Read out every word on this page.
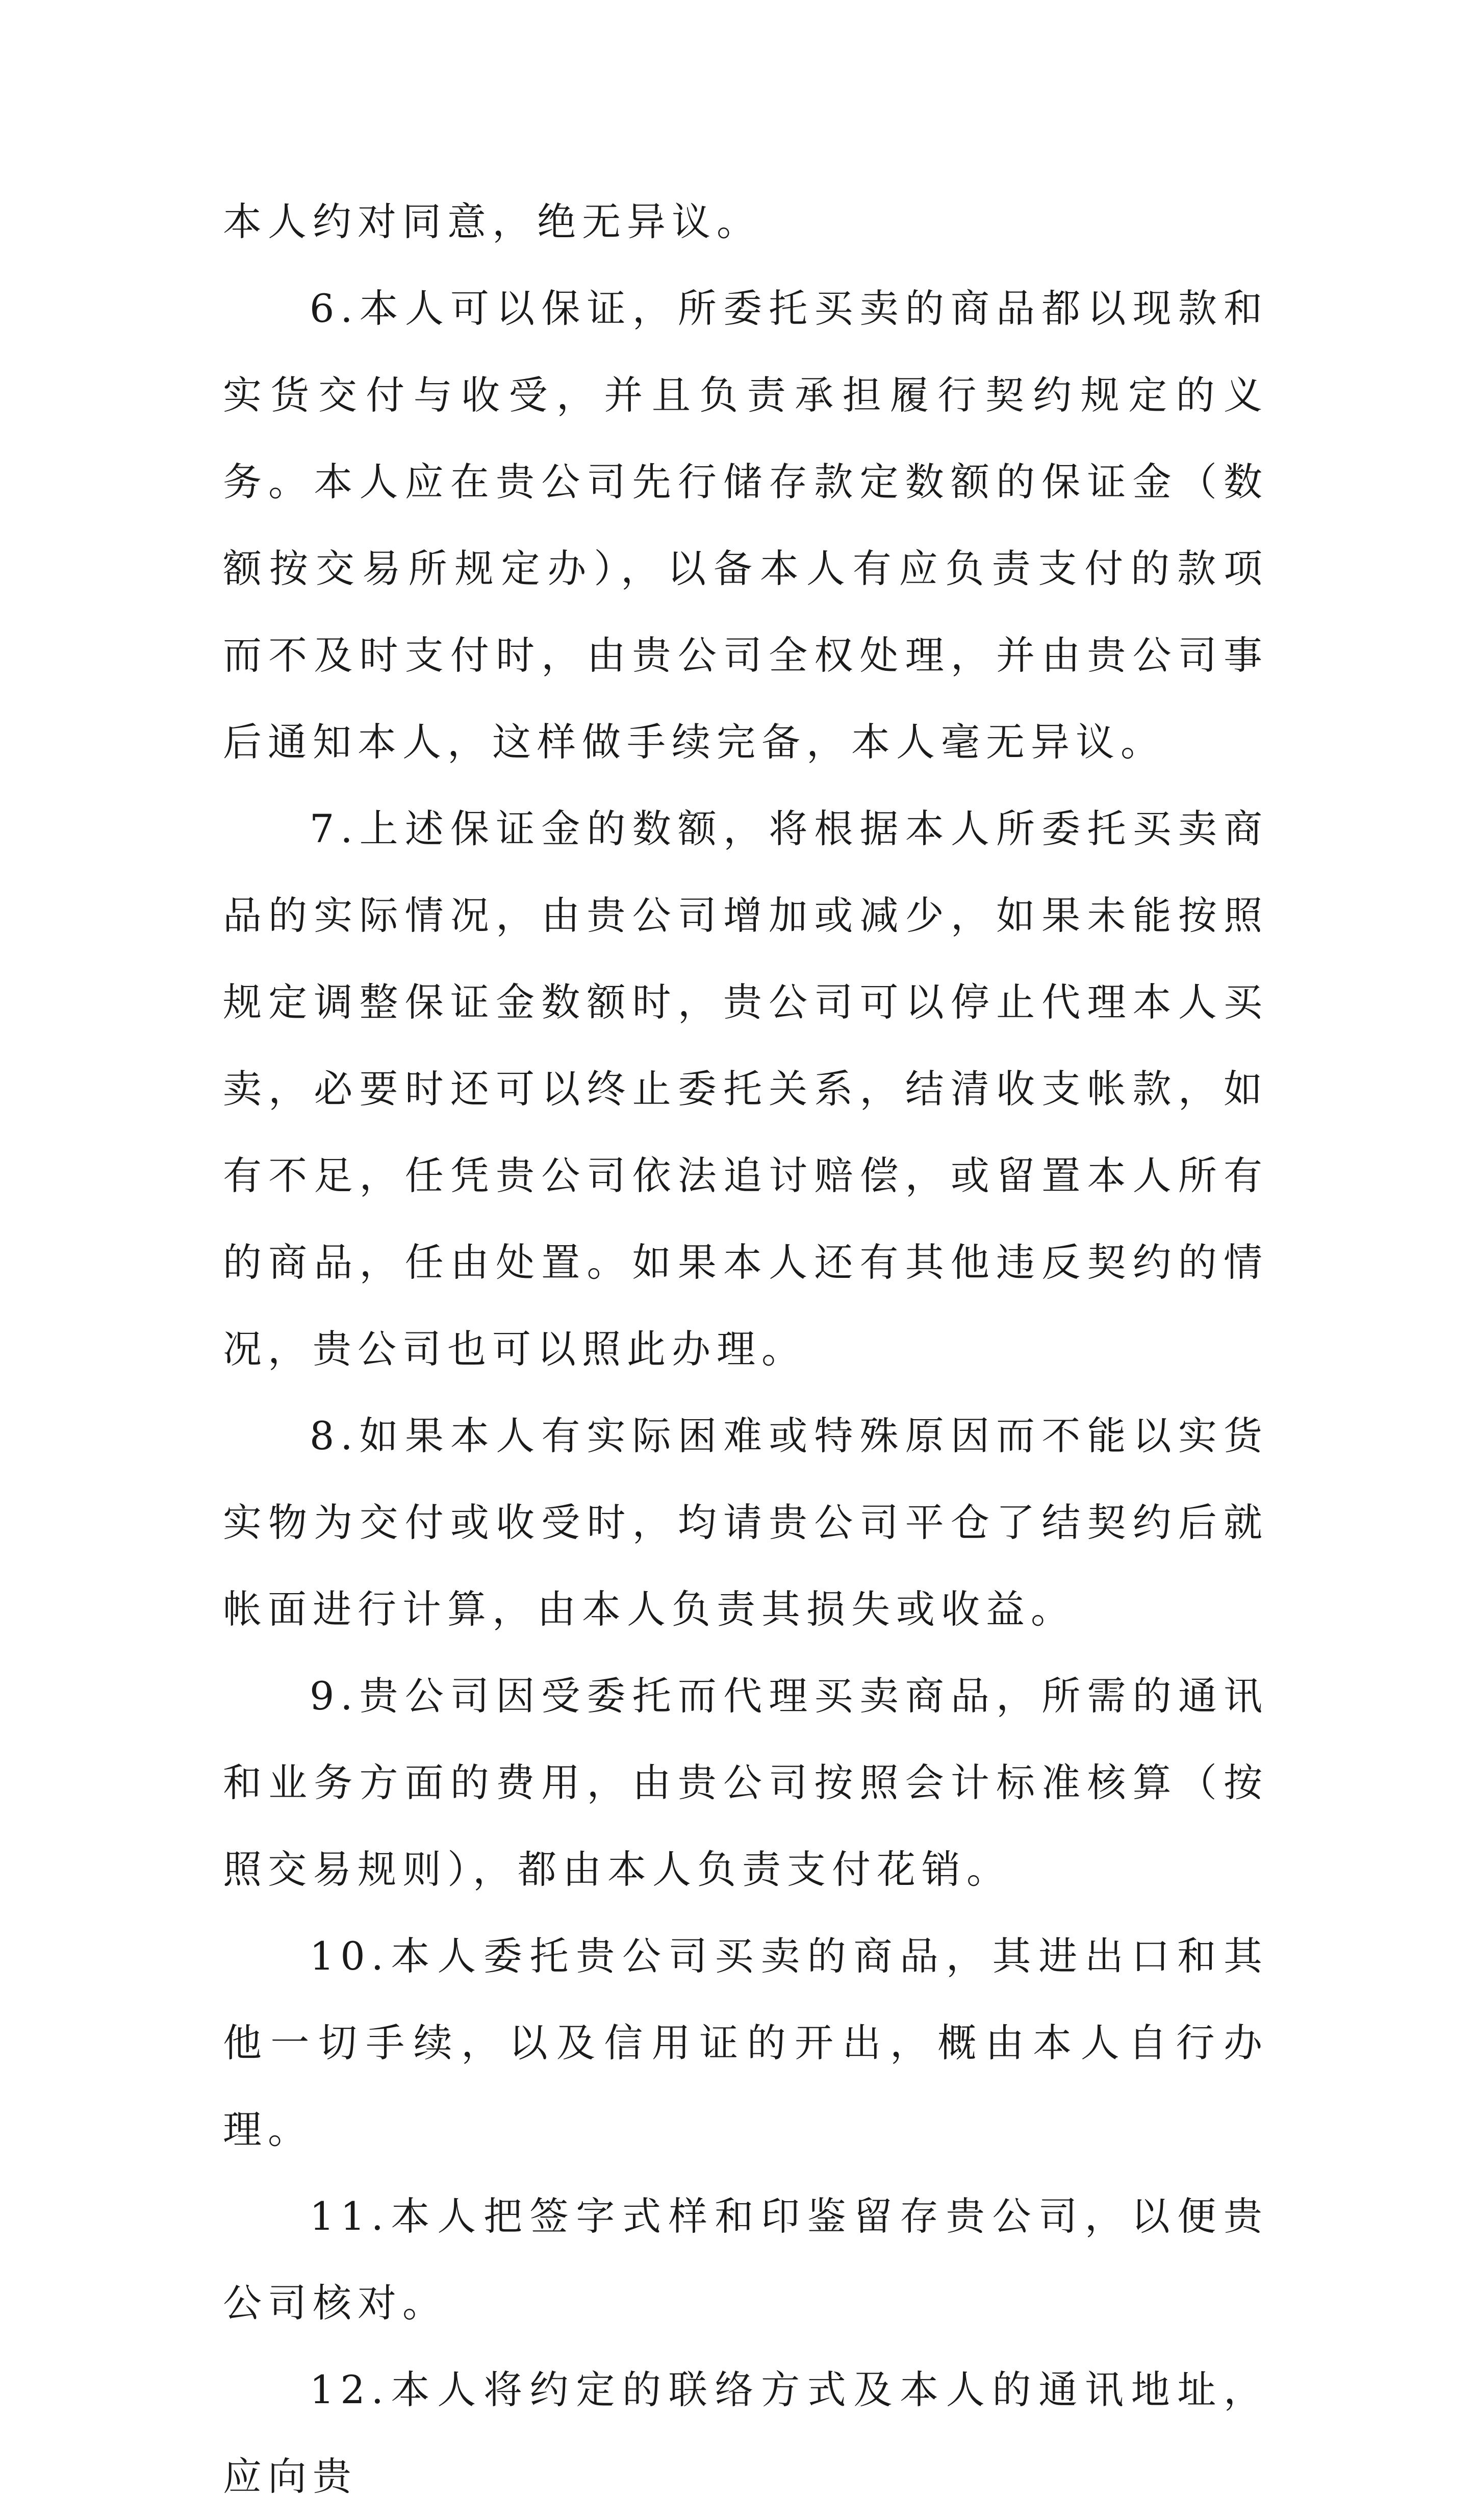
本人约对同意，绝无异议。

6.本人可以保证，所委托买卖的商品都以现款和实货交付与收受，并且负责承担履行契约规定的义务。本人应在贵公司先行储存款定数额的保证金（数额按交易所规定办），以备本人有应负责支付的款项而不及时支付时，由贵公司全权处理，并由贵公司事后通知本人，这样做手续完备，本人毫无异议。

7.上述保证金的数额，将根据本人所委托买卖商品的实际情况，由贵公司增加或减少，如果未能按照规定调整保证金数额时，贵公司可以停止代理本人买卖，必要时还可以终止委托关系，结清收支帐款，如有不足，任凭贵公司依法追讨赔偿，或留置本人所有的商品，任由处置。如果本人还有其他违反契约的情况，贵公司也可以照此办理。

8.如果本人有实际困难或特殊原因而不能以实货实物为交付或收受时，均请贵公司平仓了结契约后就帐面进行计算，由本人负责其损失或收益。

9.贵公司因受委托而代理买卖商品，所需的通讯和业务方面的费用，由贵公司按照会计标准核算（按照交易规则），都由本人负责支付花销。

10.本人委托贵公司买卖的商品，其进出口和其他一切手续，以及信用证的开出，概由本人自行办理。

11.本人把签字式样和印鉴留存贵公司，以便贵公司核对。

12.本人将约定的联络方式及本人的通讯地址，应向贵
